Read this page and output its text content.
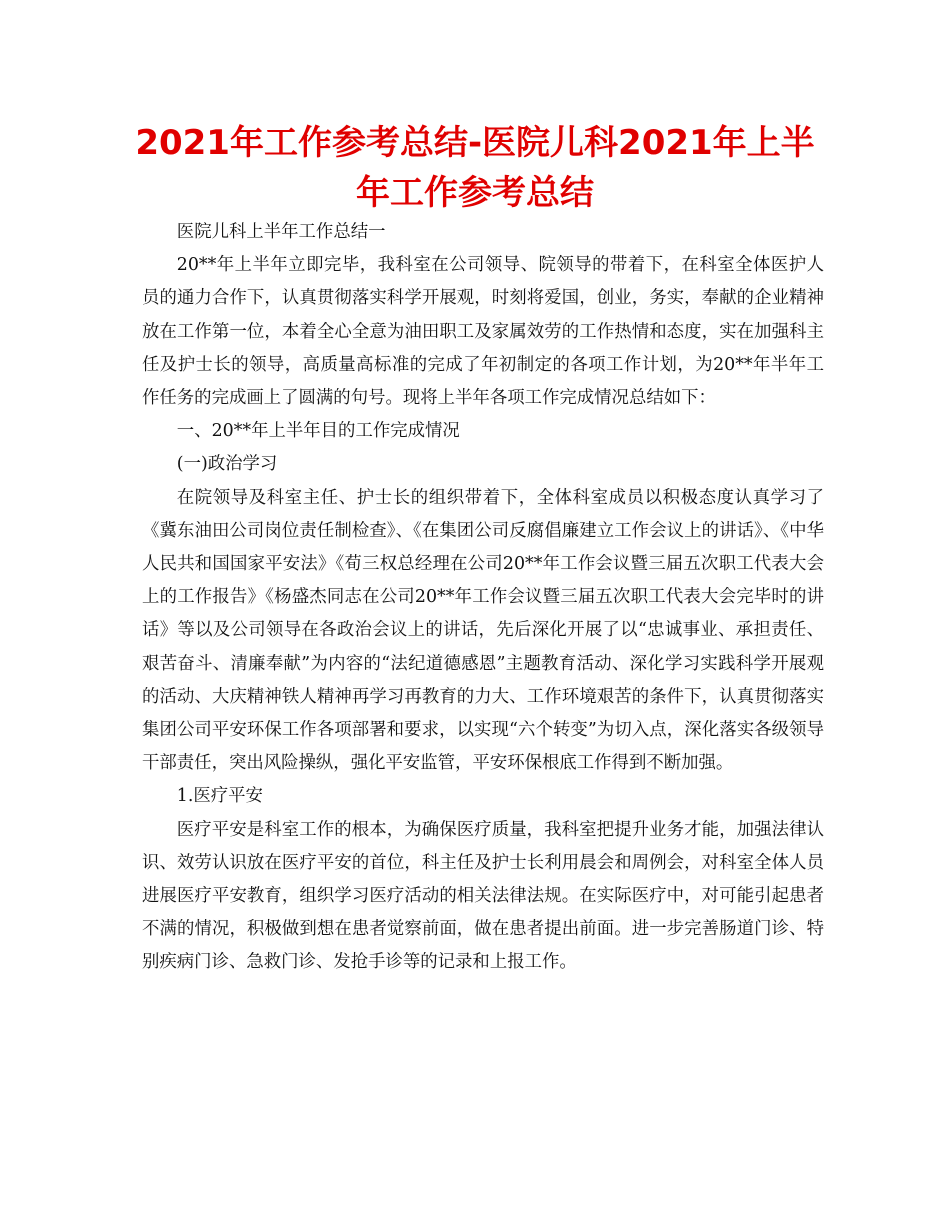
2021年工作参考总结-医院儿科2021年上半年工作参考总结

医院儿科上半年工作总结一

20**年上半年立即完毕，我科室在公司领导、院领导的带着下，在科室全体医护人员的通力合作下，认真贯彻落实科学开展观，时刻将爱国，创业，务实，奉献的企业精神放在工作第一位，本着全心全意为油田职工及家属效劳的工作热情和态度，实在加强科主任及护士长的领导，高质量高标准的完成了年初制定的各项工作计划，为20**年半年工作任务的完成画上了圆满的句号。现将上半年各项工作完成情况总结如下：

一、20**年上半年目的工作完成情况

(一)政治学习

在院领导及科室主任、护士长的组织带着下，全体科室成员以积极态度认真学习了《冀东油田公司岗位责任制检查》、《在集团公司反腐倡廉建立工作会议上的讲话》、《中华人民共和国国家平安法》《荀三权总经理在公司20**年工作会议暨三届五次职工代表大会上的工作报告》《杨盛杰同志在公司20**年工作会议暨三届五次职工代表大会完毕时的讲话》等以及公司领导在各政治会议上的讲话，先后深化开展了以“忠诚事业、承担责任、艰苦奋斗、清廉奉献”为内容的“法纪道德感恩”主题教育活动、深化学习实践科学开展观的活动、大庆精神铁人精神再学习再教育的力大、工作环境艰苦的条件下，认真贯彻落实集团公司平安环保工作各项部署和要求，以实现“六个转变”为切入点，深化落实各级领导干部责任，突出风险操纵，强化平安监管，平安环保根底工作得到不断加强。

1.医疗平安

医疗平安是科室工作的根本，为确保医疗质量，我科室把提升业务才能，加强法律认识、效劳认识放在医疗平安的首位，科主任及护士长利用晨会和周例会，对科室全体人员进展医疗平安教育，组织学习医疗活动的相关法律法规。在实际医疗中，对可能引起患者不满的情况，积极做到想在患者觉察前面，做在患者提出前面。进一步完善肠道门诊、特别疾病门诊、急救门诊、发抢手诊等的记录和上报工作。
